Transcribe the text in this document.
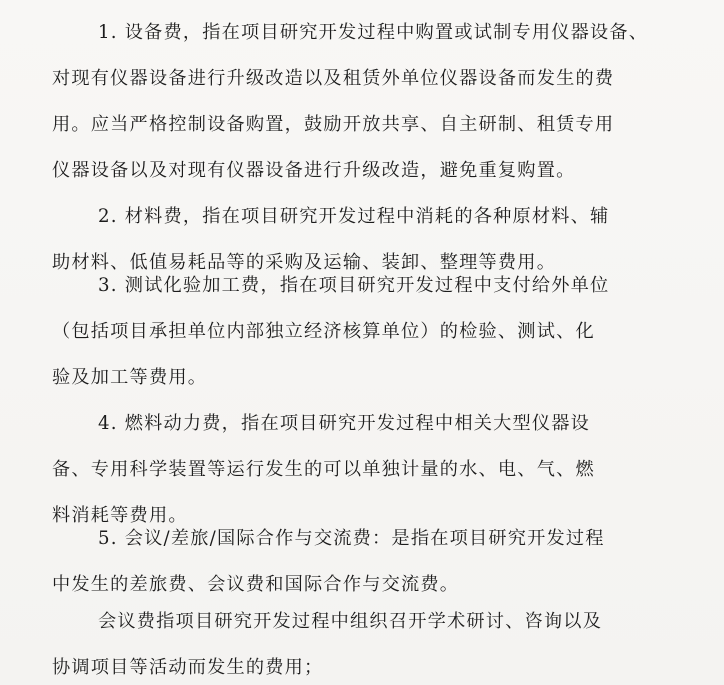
1. 设备费，指在项目研究开发过程中购置或试制专用仪器设备、
对现有仪器设备进行升级改造以及租赁外单位仪器设备而发生的费
用。应当严格控制设备购置，鼓励开放共享、自主研制、租赁专用
仪器设备以及对现有仪器设备进行升级改造，避免重复购置。
2. 材料费，指在项目研究开发过程中消耗的各种原材料、辅
助材料、低值易耗品等的采购及运输、装卸、整理等费用。
3. 测试化验加工费，指在项目研究开发过程中支付给外单位
（包括项目承担单位内部独立经济核算单位）的检验、测试、化
验及加工等费用。
4. 燃料动力费，指在项目研究开发过程中相关大型仪器设
备、专用科学装置等运行发生的可以单独计量的水、电、气、燃
料消耗等费用。
5. 会议/差旅/国际合作与交流费：是指在项目研究开发过程
中发生的差旅费、会议费和国际合作与交流费。
会议费指项目研究开发过程中组织召开学术研讨、咨询以及
协调项目等活动而发生的费用；
